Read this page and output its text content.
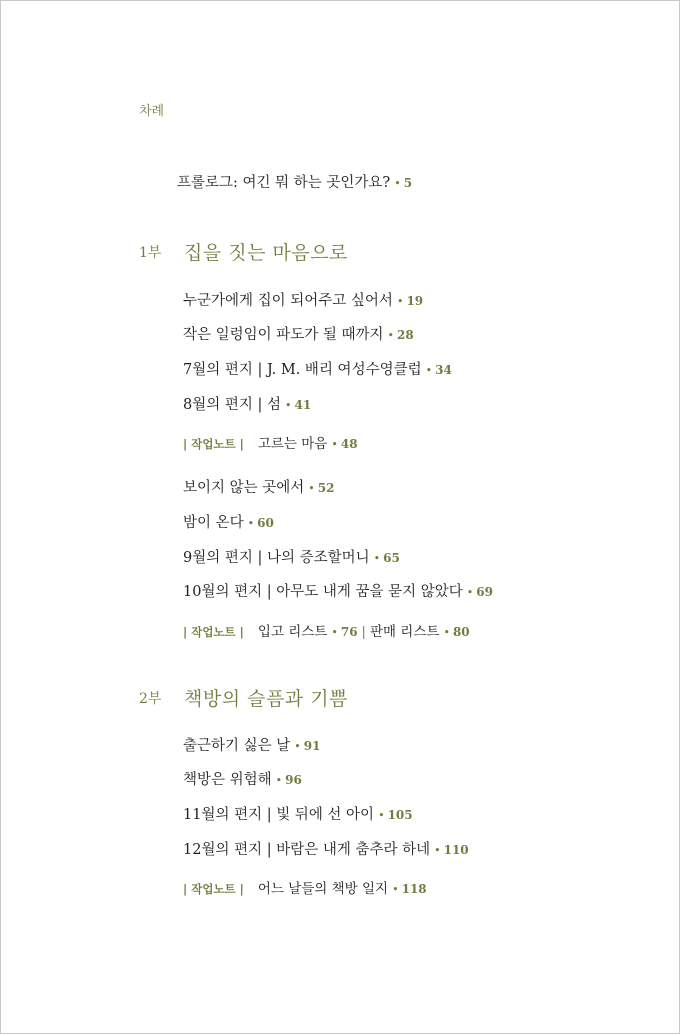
차례
프롤로그: 여긴 뭐 하는 곳인가요? • 5
1부 집을 짓는 마음으로
누군가에게 집이 되어주고 싶어서 • 19
작은 일렁임이 파도가 될 때까지 • 28
7월의 편지 | J. M. 배리 여성수영클럽 • 34
8월의 편지 | 섬 • 41
| 작업노트 | 고르는 마음 • 48
보이지 않는 곳에서 • 52
밤이 온다 • 60
9월의 편지 | 나의 증조할머니 • 65
10월의 편지 | 아무도 내게 꿈을 묻지 않았다 • 69
| 작업노트 | 입고 리스트 • 76 | 판매 리스트 • 80
2부 책방의 슬픔과 기쁨
출근하기 싫은 날 • 91
책방은 위험해 • 96
11월의 편지 | 빛 뒤에 선 아이 • 105
12월의 편지 | 바람은 내게 춤추라 하네 • 110
| 작업노트 | 어느 날들의 책방 일지 • 118
